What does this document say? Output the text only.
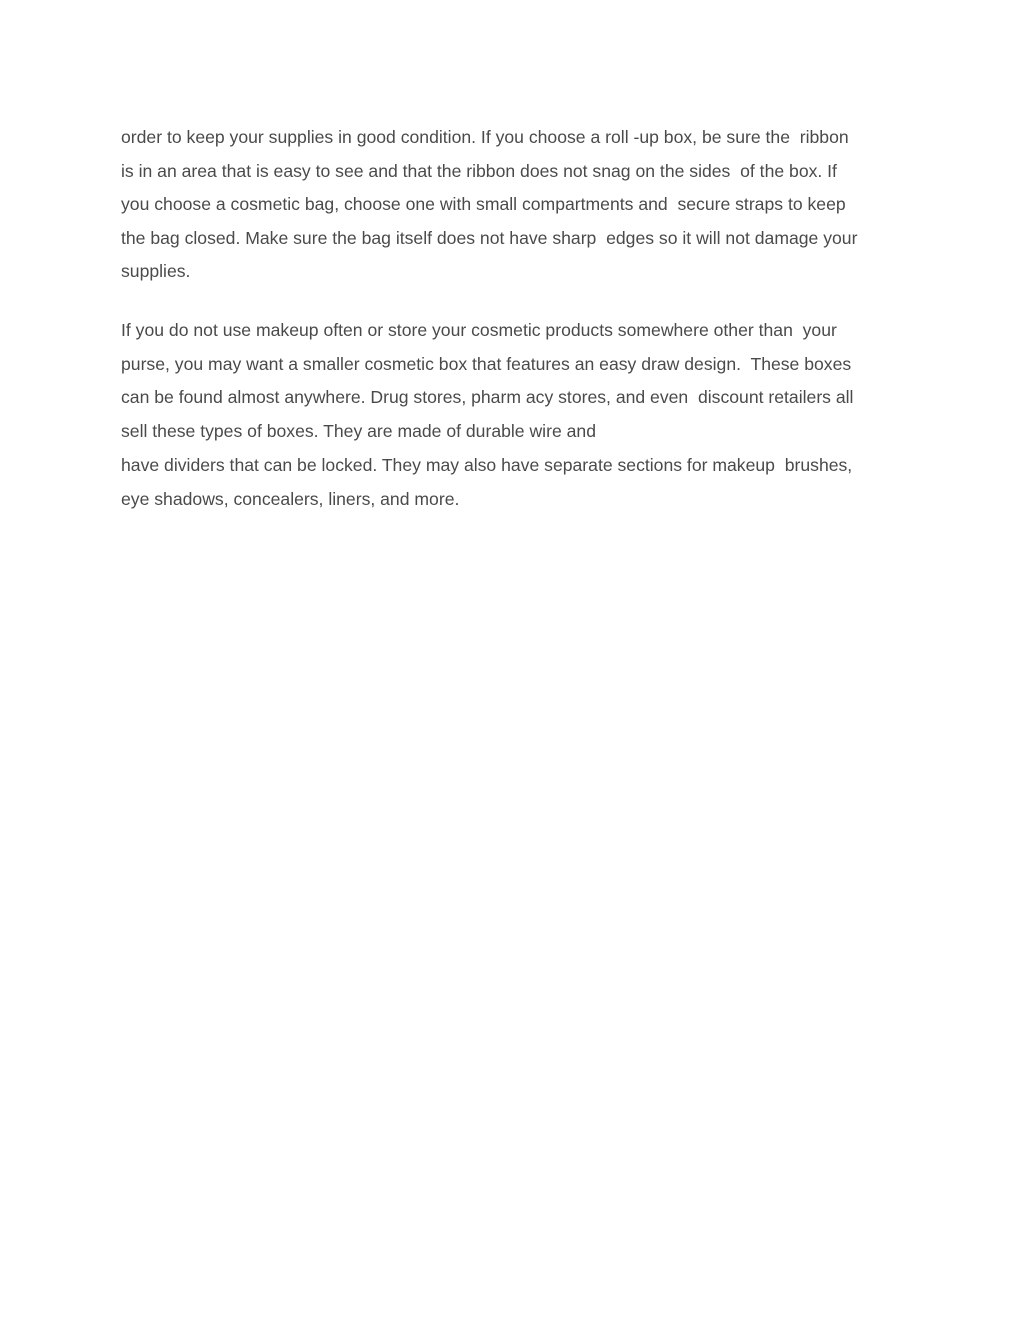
order to keep your supplies in good condition. If you choose a roll -up box, be sure the  ribbon
is in an area that is easy to see and that the ribbon does not snag on the sides  of the box. If
you choose a cosmetic bag, choose one with small compartments and  secure straps to keep
the bag closed. Make sure the bag itself does not have sharp  edges so it will not damage your
supplies.
If you do not use makeup often or store your cosmetic products somewhere other than  your
purse, you may want a smaller cosmetic box that features an easy draw design.  These boxes
can be found almost anywhere. Drug stores, pharm acy stores, and even  discount retailers all
sell these types of boxes. They are made of durable wire and
have dividers that can be locked. They may also have separate sections for makeup  brushes,
eye shadows, concealers, liners, and more.
